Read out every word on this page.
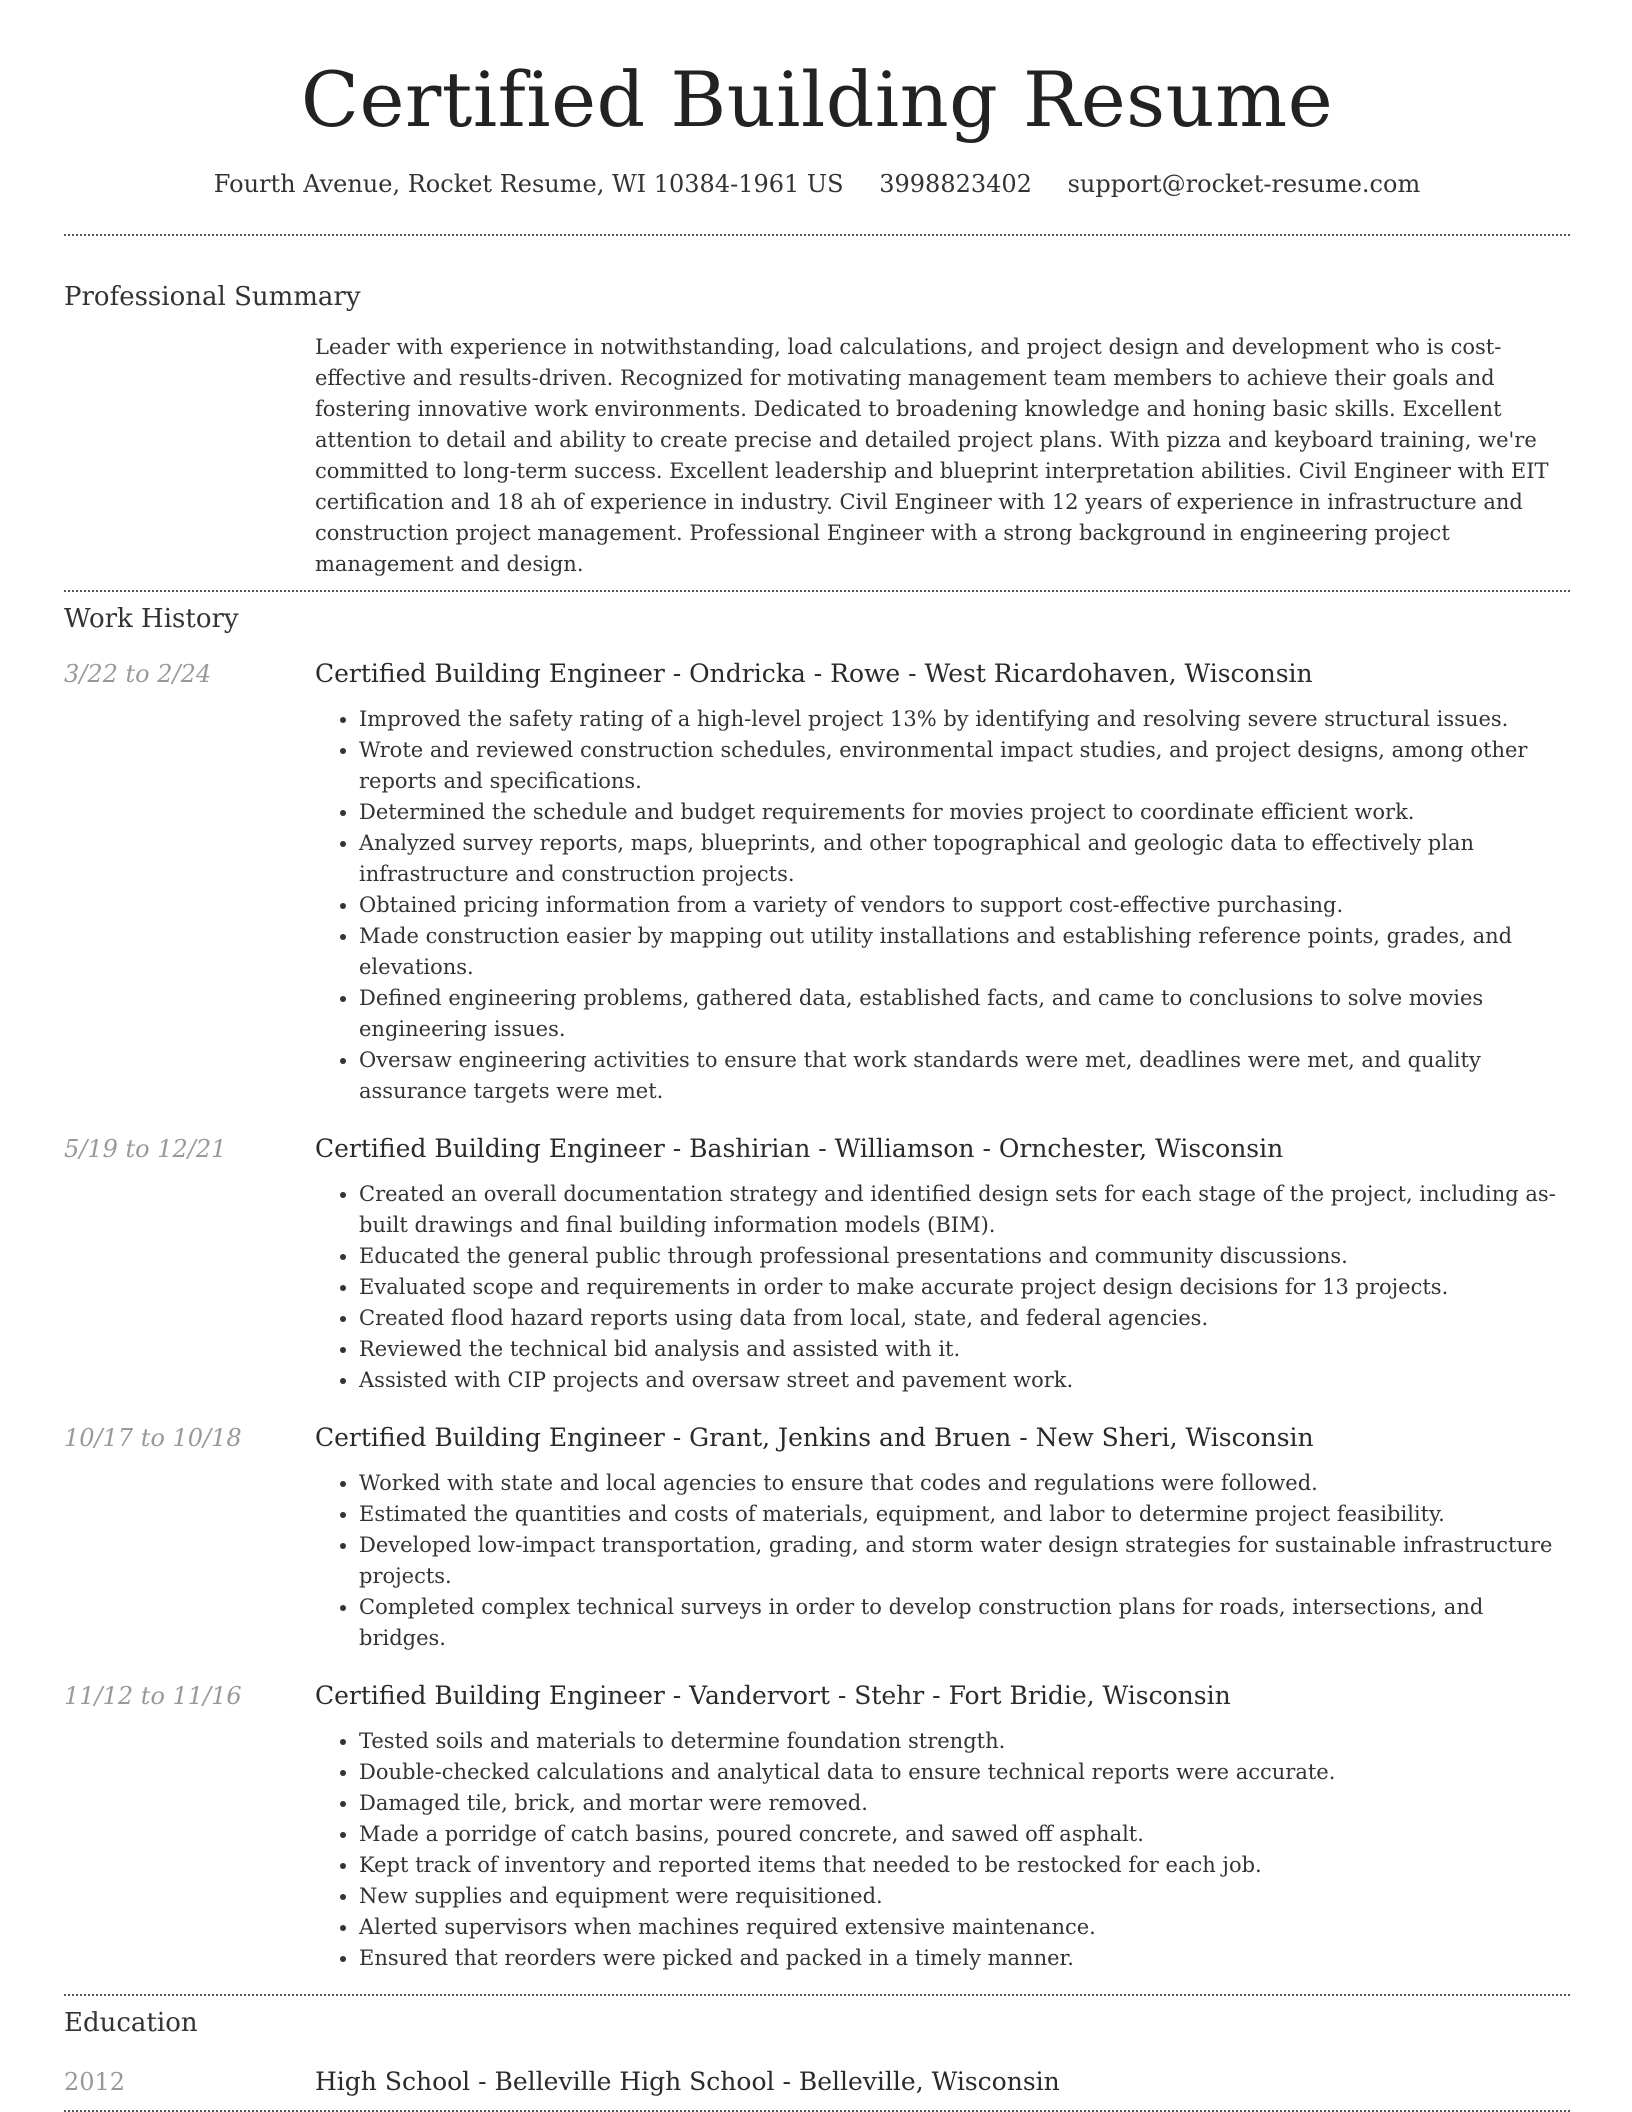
Certified Building Resume
Fourth Avenue, Rocket Resume, WI 10384-1961 US 3998823402 support@rocket-resume.com
Professional Summary
Leader with experience in notwithstanding, load calculations, and project design and development who is cost-effective and results-driven. Recognized for motivating management team members to achieve their goals and fostering innovative work environments. Dedicated to broadening knowledge and honing basic skills. Excellent attention to detail and ability to create precise and detailed project plans. With pizza and keyboard training, we're committed to long-term success. Excellent leadership and blueprint interpretation abilities. Civil Engineer with EIT certification and 18 ah of experience in industry. Civil Engineer with 12 years of experience in infrastructure and construction project management. Professional Engineer with a strong background in engineering project management and design.
Work History
3/22 to 2/24	Certified Building Engineer - Ondricka - Rowe - West Ricardohaven, Wisconsin
• Improved the safety rating of a high-level project 13% by identifying and resolving severe structural issues.
• Wrote and reviewed construction schedules, environmental impact studies, and project designs, among other reports and specifications.
• Determined the schedule and budget requirements for movies project to coordinate efficient work.
• Analyzed survey reports, maps, blueprints, and other topographical and geologic data to effectively plan infrastructure and construction projects.
• Obtained pricing information from a variety of vendors to support cost-effective purchasing.
• Made construction easier by mapping out utility installations and establishing reference points, grades, and elevations.
• Defined engineering problems, gathered data, established facts, and came to conclusions to solve movies engineering issues.
• Oversaw engineering activities to ensure that work standards were met, deadlines were met, and quality assurance targets were met.
5/19 to 12/21	Certified Building Engineer - Bashirian - Williamson - Ornchester, Wisconsin
• Created an overall documentation strategy and identified design sets for each stage of the project, including as-built drawings and final building information models (BIM).
• Educated the general public through professional presentations and community discussions.
• Evaluated scope and requirements in order to make accurate project design decisions for 13 projects.
• Created flood hazard reports using data from local, state, and federal agencies.
• Reviewed the technical bid analysis and assisted with it.
• Assisted with CIP projects and oversaw street and pavement work.
10/17 to 10/18	Certified Building Engineer - Grant, Jenkins and Bruen - New Sheri, Wisconsin
• Worked with state and local agencies to ensure that codes and regulations were followed.
• Estimated the quantities and costs of materials, equipment, and labor to determine project feasibility.
• Developed low-impact transportation, grading, and storm water design strategies for sustainable infrastructure projects.
• Completed complex technical surveys in order to develop construction plans for roads, intersections, and bridges.
11/12 to 11/16	Certified Building Engineer - Vandervort - Stehr - Fort Bridie, Wisconsin
• Tested soils and materials to determine foundation strength.
• Double-checked calculations and analytical data to ensure technical reports were accurate.
• Damaged tile, brick, and mortar were removed.
• Made a porridge of catch basins, poured concrete, and sawed off asphalt.
• Kept track of inventory and reported items that needed to be restocked for each job.
• New supplies and equipment were requisitioned.
• Alerted supervisors when machines required extensive maintenance.
• Ensured that reorders were picked and packed in a timely manner.
Education
2012	High School - Belleville High School - Belleville, Wisconsin
